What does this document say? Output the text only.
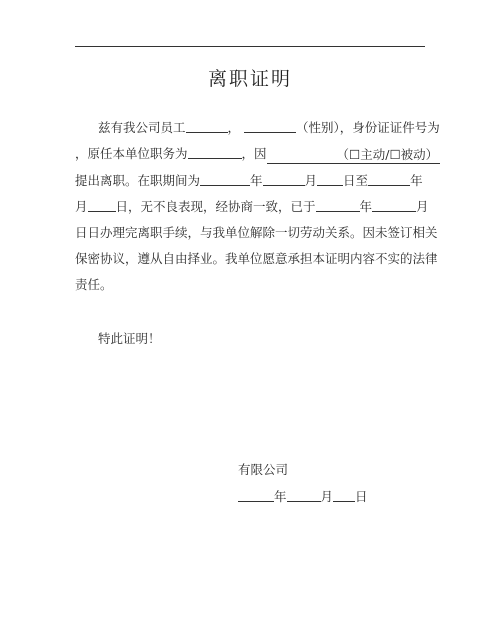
离职证明
兹有我公司员工	，	（性别），身份证证件号为
，原任本单位职务为	，因	（☐主动/☐被动）
提出离职。在职期间为	年	月 日至	年
月 日，无不良表现，经协商一致，已于	年	月
日日办理完离职手续，与我单位解除一切劳动关系。因未签订相关
保密协议，遵从自由择业。我单位愿意承担本证明内容不实的法律
责任。
特此证明！
有限公司
年	月 日
